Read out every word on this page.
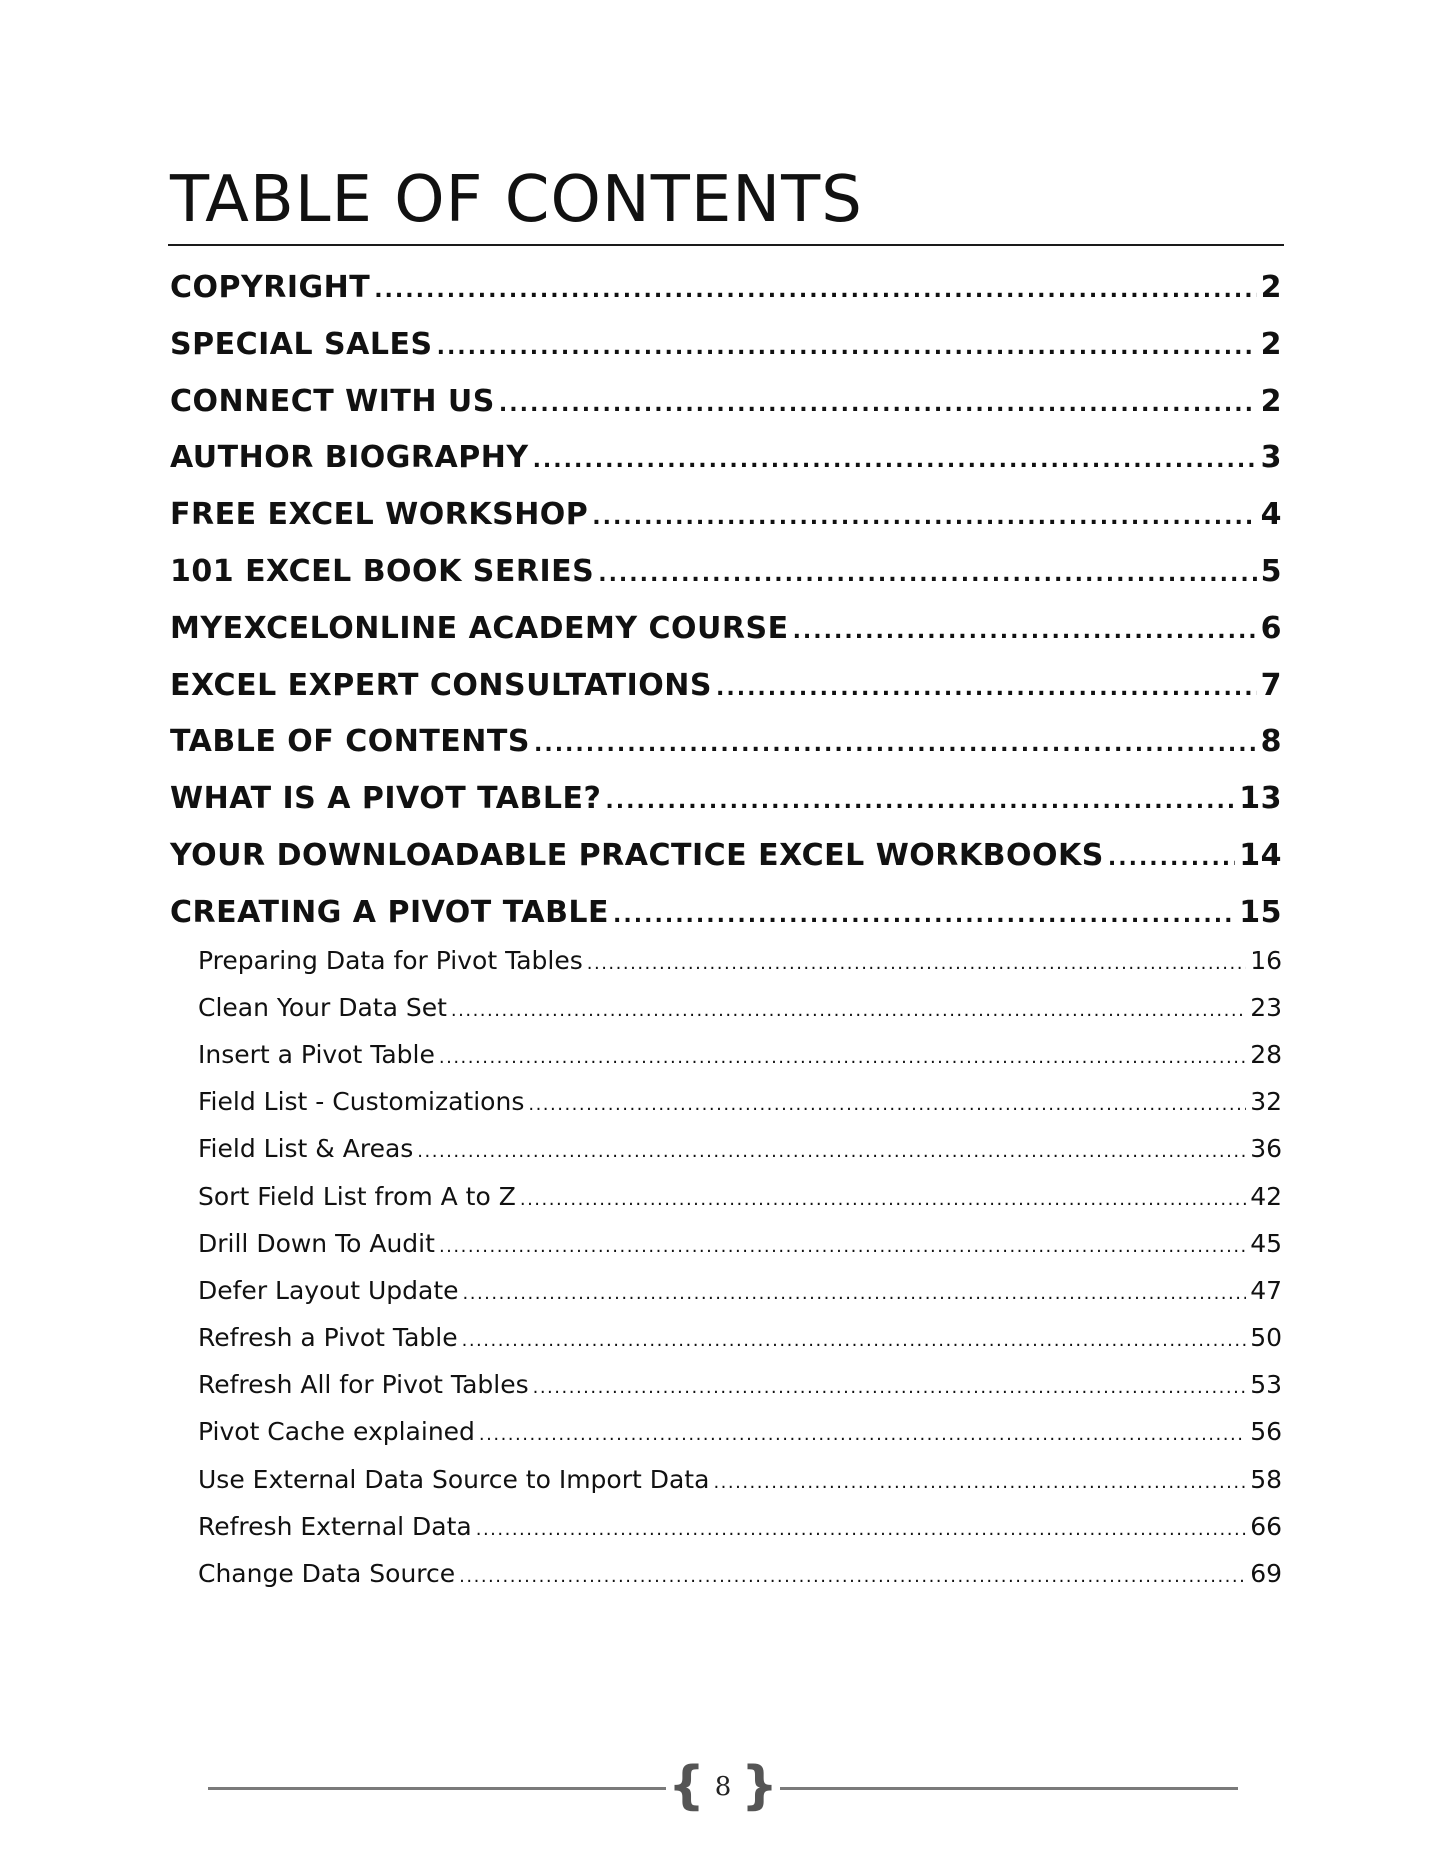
TABLE OF CONTENTS
COPYRIGHT .....	2
SPECIAL SALES .....	2
CONNECT WITH US .....	2
AUTHOR BIOGRAPHY .....	3
FREE EXCEL WORKSHOP .....	4
101 EXCEL BOOK SERIES .....	5
MYEXCELONLINE ACADEMY COURSE .....	6
EXCEL EXPERT CONSULTATIONS .....	7
TABLE OF CONTENTS .....	8
WHAT IS A PIVOT TABLE? .....	13
YOUR DOWNLOADABLE PRACTICE EXCEL WORKBOOKS .....	14
CREATING A PIVOT TABLE .....	15
Preparing Data for Pivot Tables .....	16
Clean Your Data Set .....	23
Insert a Pivot Table .....	28
Field List - Customizations .....	32
Field List & Areas .....	36
Sort Field List from A to Z .....	42
Drill Down To Audit .....	45
Defer Layout Update .....	47
Refresh a Pivot Table .....	50
Refresh All for Pivot Tables .....	53
Pivot Cache explained .....	56
Use External Data Source to Import Data .....	58
Refresh External Data .....	66
Change Data Source .....	69
{ 8 }
